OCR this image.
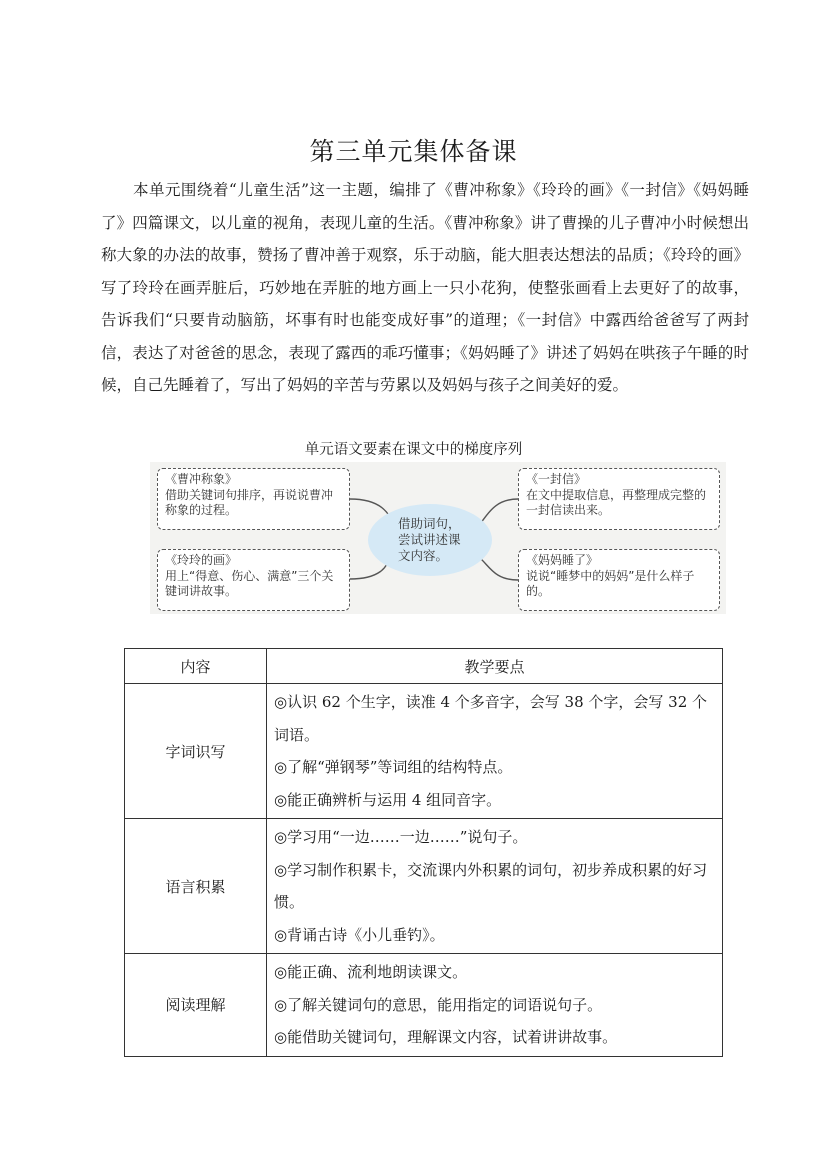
第三单元集体备课

本单元围绕着“儿童生活”这一主题，编排了《曹冲称象》《玲玲的画》《一封信》《妈妈睡了》四篇课文，以儿童的视角，表现儿童的生活。《曹冲称象》讲了曹操的儿子曹冲小时候想出称大象的办法的故事，赞扬了曹冲善于观察，乐于动脑，能大胆表达想法的品质；《玲玲的画》写了玲玲在画弄脏后，巧妙地在弄脏的地方画上一只小花狗，使整张画看上去更好了的故事，告诉我们“只要肯动脑筋，坏事有时也能变成好事”的道理；《一封信》中露西给爸爸写了两封信，表达了对爸爸的思念，表现了露西的乖巧懂事；《妈妈睡了》讲述了妈妈在哄孩子午睡的时候，自己先睡着了，写出了妈妈的辛苦与劳累以及妈妈与孩子之间美好的爱。

单元语文要素在课文中的梯度序列
《曹冲称象》
借助关键词句排序，再说说曹冲称象的过程。
《一封信》
在文中提取信息，再整理成完整的一封信读出来。
《玲玲的画》
用上“得意、伤心、满意”三个关键词讲故事。
《妈妈睡了》
说说“睡梦中的妈妈”是什么样子的。
借助词句，尝试讲述课文内容。
内容	教学要点
字词识写	◎认识 62 个生字，读准 4 个多音字，会写 38 个字，会写 32 个词语。

◎了解“弹钢琴”等词组的结构特点。

◎能正确辨析与运用 4 组同音字。

语言积累	◎学习用“一边……一边……”说句子。

◎学习制作积累卡，交流课内外积累的词句，初步养成积累的好习惯。

◎背诵古诗《小儿垂钓》。

阅读理解	◎能正确、流利地朗读课文。

◎了解关键词句的意思，能用指定的词语说句子。

◎能借助关键词句，理解课文内容，试着讲讲故事。
